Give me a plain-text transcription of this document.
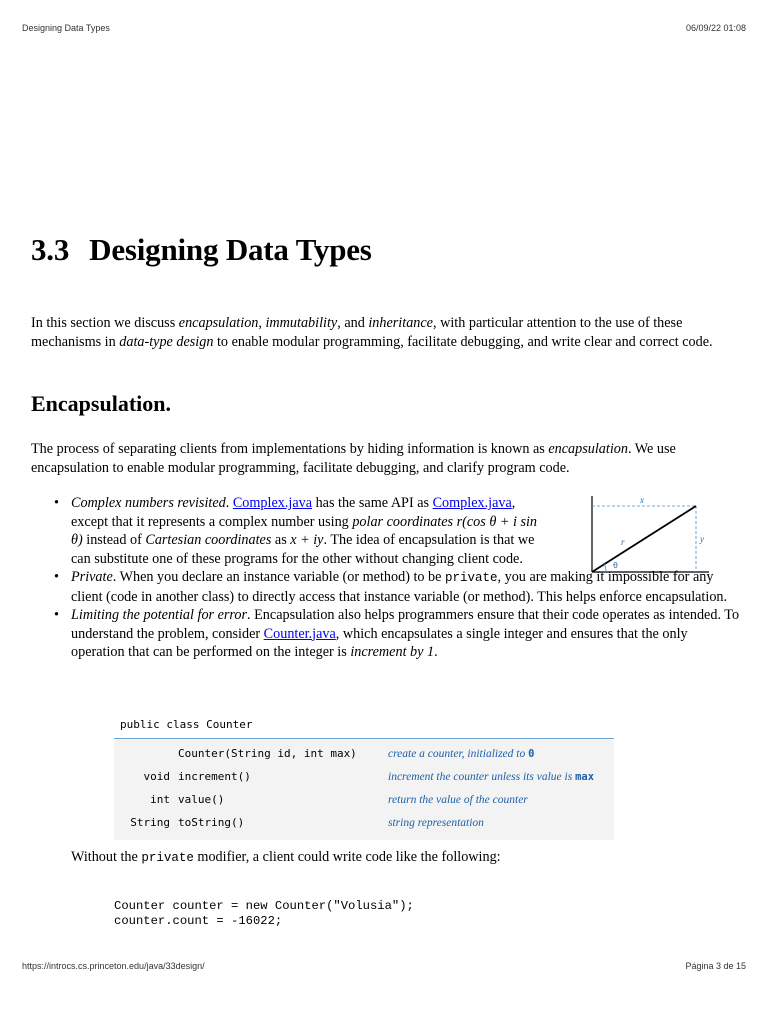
Designing Data Types	06/09/22 01:08
3.3 Designing Data Types

In this section we discuss encapsulation, immutability, and inheritance, with particular attention to the use of these mechanisms in data-type design to enable modular programming, facilitate debugging, and write clear and correct code.

Encapsulation.

The process of separating clients from implementations by hiding information is known as encapsulation. We use encapsulation to enable modular programming, facilitate debugging, and clarify program code.

• Complex numbers revisited. Complex.java has the same API as Complex.java, except that it represents a complex number using polar coordinates r(cos θ + i sin θ) instead of Cartesian coordinates as x + iy. The idea of encapsulation is that we can substitute one of these programs for the other without changing client code.
• Private. When you declare an instance variable (or method) to be private, you are making it impossible for any client (code in another class) to directly access that instance variable (or method). This helps enforce encapsulation.
• Limiting the potential for error. Encapsulation also helps programmers ensure that their code operates as intended. To understand the problem, consider Counter.java, which encapsulates a single integer and ensures that the only operation that can be performed on the integer is increment by 1.
x
y
r
θ
public class Counter
Counter(String id, int max)	create a counter, initialized to 0
void increment()	increment the counter unless its value is max
int value()	return the value of the counter
String toString()	string representation

Without the private modifier, a client could write code like the following:

Counter counter = new Counter("Volusia");
counter.count = -16022;
https://introcs.cs.princeton.edu/java/33design/	Página 3 de 15
